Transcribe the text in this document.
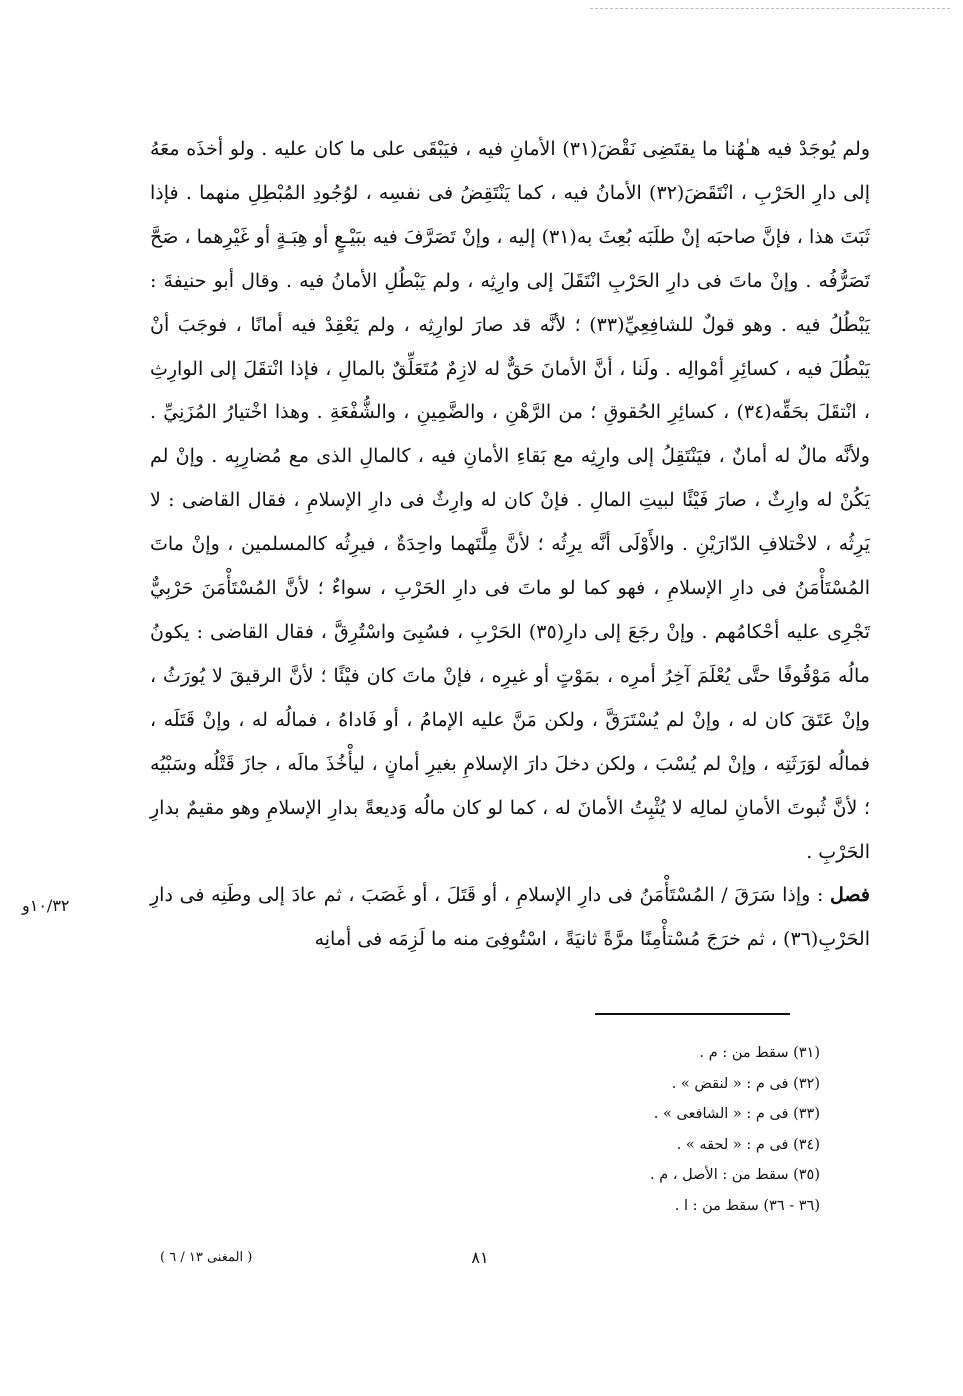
ولم يُوجَدْ فيه هـٰهُنا ما يقتَضِى نَقْضَ(٣١) الأمانِ فيه ، فيَبْقَى على ما كان عليه . ولو أخذَه معَهُ إلى دارِ الحَرْبِ ، انْتَقَضَ(٣٢) الأمانُ فيه ، كما يَنْتَقِضُ فى نفسِه ، لوُجُودِ المُبْطِلِ منهما . فإذا ثَبَتَ هذا ، فإنَّ صاحبَه إنْ طلَبَه بُعِثَ به(٣١) إليه ، وإنْ تَصَرَّفَ فيه ببَيْـعٍ أو هِبَـةٍ أو غَيْرِهما ، صَحَّ تَصَرُّفُه . وإنْ ماتَ فى دارِ الحَرْبِ انْتَقَلَ إلى وارِثِه ، ولم يَبْطُلِ الأمانُ فيه . وقال أبو حنيفةَ : يَبْطُلُ فيه . وهو قولٌ للشافِعِيِّ(٣٣) ؛ لأنَّه قد صارَ لوارِثِه ، ولم يَعْقِدْ فيه أمانًا ، فوجَبَ أنْ يَبْطُلَ فيه ، كسائِرِ أمْوالِه . ولَنا ، أنَّ الأمانَ حَقٌّ له لازِمٌ مُتَعَلِّقٌ بالمالِ ، فإذا انْتقَلَ إلى الوارِثِ ، انْتقَلَ بحَقِّه(٣٤) ، كسائِرِ الحُقوقِ ؛ من الرَّهْنِ ، والضَّمِينِ ، والشُّفْعَةِ . وهذا اخْتيارُ المُزَنِيِّ . ولأنَّه مالٌ له أمانٌ ، فيَنْتَقِلُ إلى وارِثِه مع بَقاءِ الأمانِ فيه ، كالمالِ الذى مع مُضارِبِه . وإنْ لم يَكُنْ له وارِثٌ ، صارَ فَيْئًا لبيتِ المالِ . فإنْ كان له وارِثٌ فى دارِ الإسلامِ ، فقال القاضى : لا يَرِثُه ، لاخْتلافِ الدّارَيْنِ . والأَوْلَى أنَّه يرِثُه ؛ لأنَّ مِلَّتَهما واحِدَةٌ ، فيرِثُه كالمسلمين ، وإنْ ماتَ المُسْتَأْمَنُ فى دارِ الإسلامِ ، فهو كما لو ماتَ فى دارِ الحَرْبِ ، سواءٌ ؛ لأنَّ المُسْتَأْمَنَ حَرْبِيٌّ تَجْرِى عليه أحْكامُهم . وإنْ رجَعَ إلى دارِ(٣٥) الحَرْبِ ، فسُبِىَ واسْتُرِقَّ ، فقال القاضى : يكونُ مالُه مَوْقُوفًا حتَّى يُعْلَمَ آخِرُ أمرِه ، بمَوْتٍ أو غيرِه ، فإنْ ماتَ كان فيْئًا ؛ لأنَّ الرقيقَ لا يُورَثُ ، وإنْ عَتَقَ كان له ، وإنْ لم يُسْتَرَقَّ ، ولكن مَنَّ عليه الإمامُ ، أو فَاداهُ ، فمالُه له ، وإنْ قَتَلَه ، فمالُه لوَرَثَتِه ، وإنْ لم يُسْبَ ، ولكن دخلَ دارَ الإسلامِ بغيرِ أمانٍ ، ليأْخُذَ مالَه ، جازَ قَتْلُه وسَبْيُه ؛ لأنَّ ثُبوتَ الأمانِ لمالِه لا يُثْبِتُ الأمانَ له ، كما لو كان مالُه وَديعةً بدارِ الإسلامِ وهو مقيمٌ بدارِ الحَرْبِ .

فصل : وإذا سَرَقَ / المُسْتَأْمَنُ فى دارِ الإسلامِ ، أو قَتَلَ ، أو غَصَبَ ، ثم عادَ إلى وطَنِه فى دارِ الحَرْبِ(٣٦) ، ثم خرَجَ مُسْتأْمِنًا مرَّةً ثانيَةً ، اسْتُوفِىَ منه ما لَزِمَه فى أمانِه

١٠/٣٢و
(٣١) سقط من : م .
(٣٢) فى م : « لنقض » .
(٣٣) فى م : « الشافعى » .
(٣٤) فى م : « لحقه » .
(٣٥) سقط من : الأصل ، م .
(٣٦ - ٣٦) سقط من : ا .
٨١
( المغنى ١٣ / ٦ )
